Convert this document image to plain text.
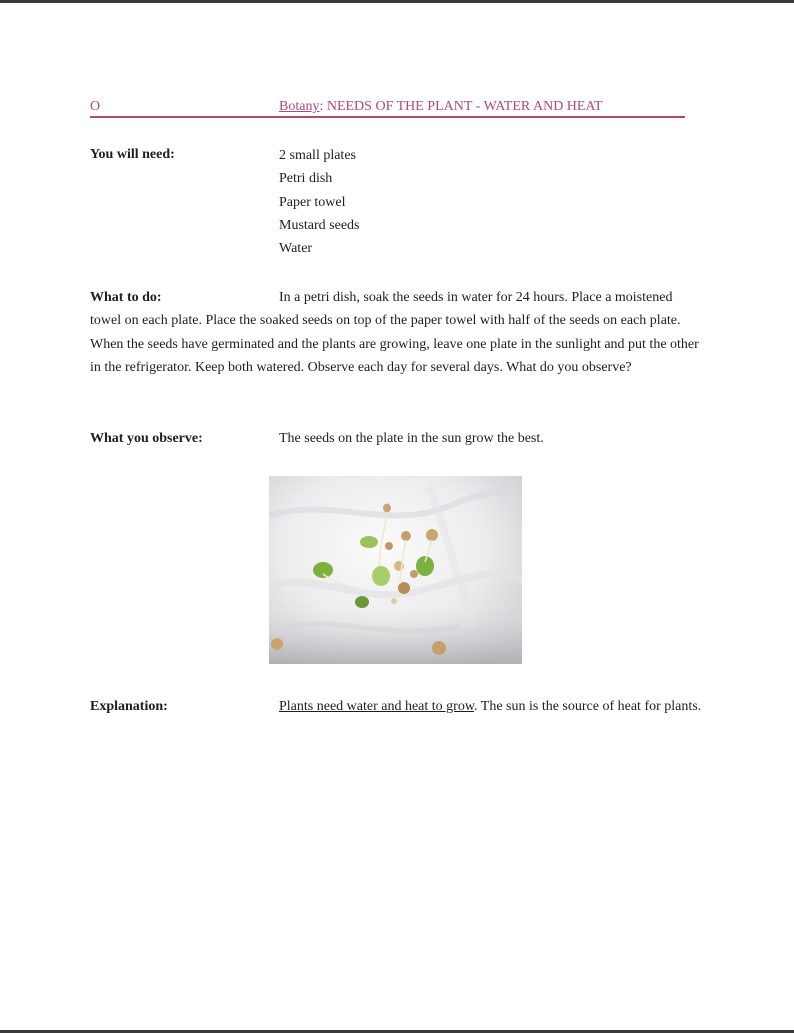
O	Botany: NEEDS OF THE PLANT - WATER AND HEAT
You will need:	2 small plates
Petri dish
Paper towel
Mustard seeds
Water
What to do:	In a petri dish, soak the seeds in water for 24 hours. Place a moistened towel on each plate. Place the soaked seeds on top of the paper towel with half of the seeds on each plate. When the seeds have germinated and the plants are growing, leave one plate in the sunlight and put the other in the refrigerator. Keep both watered. Observe each day for several days. What do you observe?

What you observe:	The seeds on the plate in the sun grow the best.
Explanation:	Plants need water and heat to grow. The sun is the source of heat for plants.
